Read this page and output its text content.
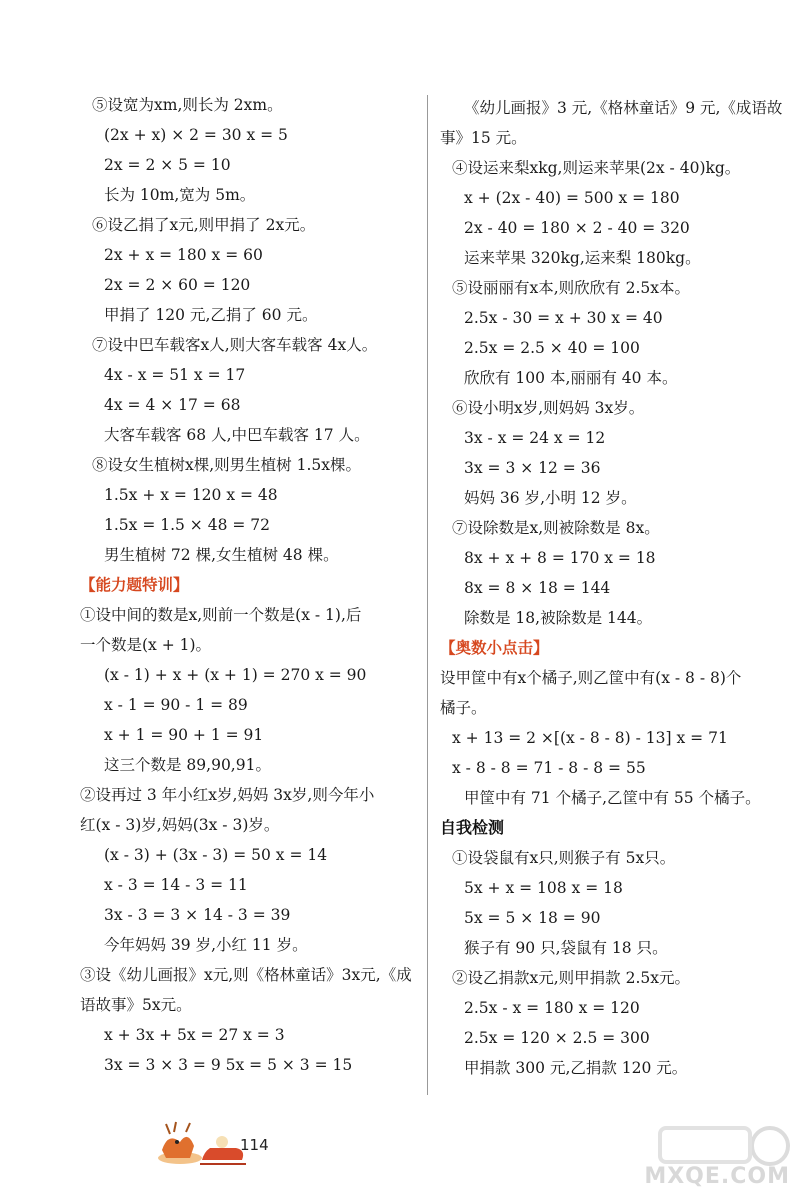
⑤设宽为xm,则长为 2xm。
(2x + x) × 2 = 30 x = 5
2x = 2 × 5 = 10
长为 10m,宽为 5m。
⑥设乙捐了x元,则甲捐了 2x元。
2x + x = 180 x = 60
2x = 2 × 60 = 120
甲捐了 120 元,乙捐了 60 元。
⑦设中巴车载客x人,则大客车载客 4x人。
4x - x = 51 x = 17
4x = 4 × 17 = 68
大客车载客 68 人,中巴车载客 17 人。
⑧设女生植树x棵,则男生植树 1.5x棵。
1.5x + x = 120 x = 48
1.5x = 1.5 × 48 = 72
男生植树 72 棵,女生植树 48 棵。
【能力题特训】
①设中间的数是x,则前一个数是(x - 1),后
一个数是(x + 1)。
(x - 1) + x + (x + 1) = 270 x = 90
x - 1 = 90 - 1 = 89
x + 1 = 90 + 1 = 91
这三个数是 89,90,91。
②设再过 3 年小红x岁,妈妈 3x岁,则今年小
红(x - 3)岁,妈妈(3x - 3)岁。
(x - 3) + (3x - 3) = 50 x = 14
x - 3 = 14 - 3 = 11
3x - 3 = 3 × 14 - 3 = 39
今年妈妈 39 岁,小红 11 岁。
③设《幼儿画报》x元,则《格林童话》3x元,《成
语故事》5x元。
x + 3x + 5x = 27 x = 3
3x = 3 × 3 = 9 5x = 5 × 3 = 15
《幼儿画报》3 元,《格林童话》9 元,《成语故
事》15 元。
④设运来梨xkg,则运来苹果(2x - 40)kg。
x + (2x - 40) = 500 x = 180
2x - 40 = 180 × 2 - 40 = 320
运来苹果 320kg,运来梨 180kg。
⑤设丽丽有x本,则欣欣有 2.5x本。
2.5x - 30 = x + 30 x = 40
2.5x = 2.5 × 40 = 100
欣欣有 100 本,丽丽有 40 本。
⑥设小明x岁,则妈妈 3x岁。
3x - x = 24 x = 12
3x = 3 × 12 = 36
妈妈 36 岁,小明 12 岁。
⑦设除数是x,则被除数是 8x。
8x + x + 8 = 170 x = 18
8x = 8 × 18 = 144
除数是 18,被除数是 144。
【奥数小点击】
设甲筐中有x个橘子,则乙筐中有(x - 8 - 8)个
橘子。
x + 13 = 2 ×[(x - 8 - 8) - 13] x = 71
x - 8 - 8 = 71 - 8 - 8 = 55
甲筐中有 71 个橘子,乙筐中有 55 个橘子。
自我检测
①设袋鼠有x只,则猴子有 5x只。
5x + x = 108 x = 18
5x = 5 × 18 = 90
猴子有 90 只,袋鼠有 18 只。
②设乙捐款x元,则甲捐款 2.5x元。
2.5x - x = 180 x = 120
2.5x = 120 × 2.5 = 300
甲捐款 300 元,乙捐款 120 元。
114
MXQE.COM
